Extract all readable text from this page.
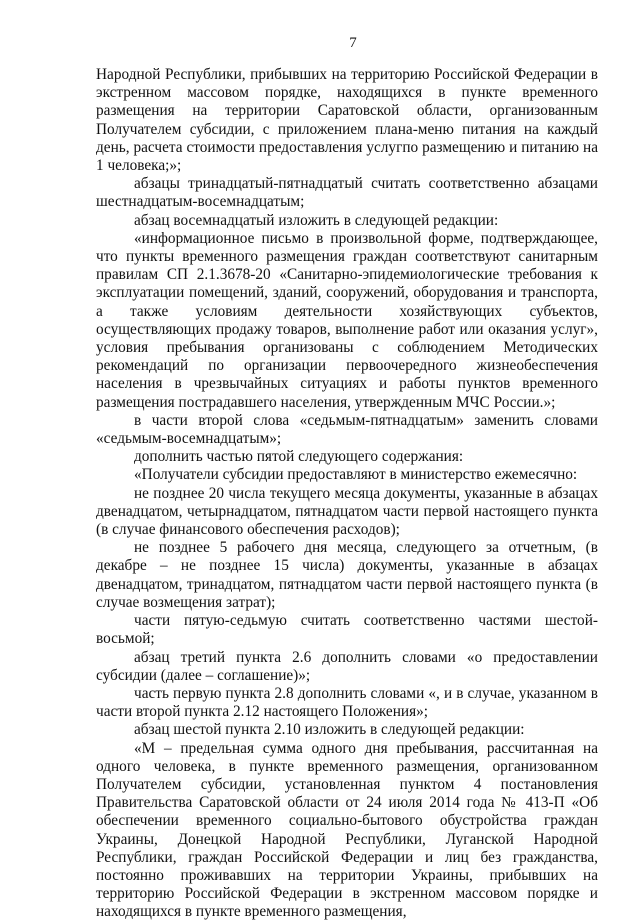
7

Народной Республики, прибывших на территорию Российской Федерации в экстренном массовом порядке, находящихся в пункте временного размещения на территории Саратовской области, организованным Получателем субсидии, с приложением плана-меню питания на каждый день, расчета стоимости предоставления услугпо размещению и питанию на 1 человека;»;

абзацы тринадцатый-пятнадцатый считать соответственно абзацами шестнадцатым-восемнадцатым;

абзац восемнадцатый изложить в следующей редакции:

«информационное письмо в произвольной форме, подтверждающее, что пункты временного размещения граждан соответствуют санитарным правилам СП 2.1.3678-20 «Санитарно-эпидемиологические требования к эксплуатации помещений, зданий, сооружений, оборудования и транспорта, а также условиям деятельности хозяйствующих субъектов, осуществляющих продажу товаров, выполнение работ или оказания услуг», условия пребывания организованы с соблюдением Методических рекомендаций по организации первоочередного жизнеобеспечения населения в чрезвычайных ситуациях и работы пунктов временного размещения пострадавшего населения, утвержденным МЧС России.»;

в части второй слова «седьмым-пятнадцатым» заменить словами «седьмым-восемнадцатым»;

дополнить частью пятой следующего содержания:

«Получатели субсидии предоставляют в министерство ежемесячно:

не позднее 20 числа текущего месяца документы, указанные в абзацах двенадцатом, четырнадцатом, пятнадцатом части первой настоящего пункта (в случае финансового обеспечения расходов);

не позднее 5 рабочего дня месяца, следующего за отчетным, (в декабре – не позднее 15 числа) документы, указанные в абзацах двенадцатом, тринадцатом, пятнадцатом части первой настоящего пункта (в случае возмещения затрат);

части пятую-седьмую считать соответственно частями шестой-восьмой;

абзац третий пункта 2.6 дополнить словами «о предоставлении субсидии (далее – соглашение)»;

часть первую пункта 2.8 дополнить словами «, и в случае, указанном в части второй пункта 2.12 настоящего Положения»;

абзац шестой пункта 2.10 изложить в следующей редакции:

«М – предельная сумма одного дня пребывания, рассчитанная на одного человека, в пункте временного размещения, организованном Получателем субсидии, установленная пунктом 4 постановления Правительства Саратовской области от 24 июля 2014 года № 413-П «Об обеспечении временного социально-бытового обустройства граждан Украины, Донецкой Народной Республики, Луганской Народной Республики, граждан Российской Федерации и лиц без гражданства, постоянно проживавших на территории Украины, прибывших на территорию Российской Федерации в экстренном массовом порядке и находящихся в пункте временного размещения,
